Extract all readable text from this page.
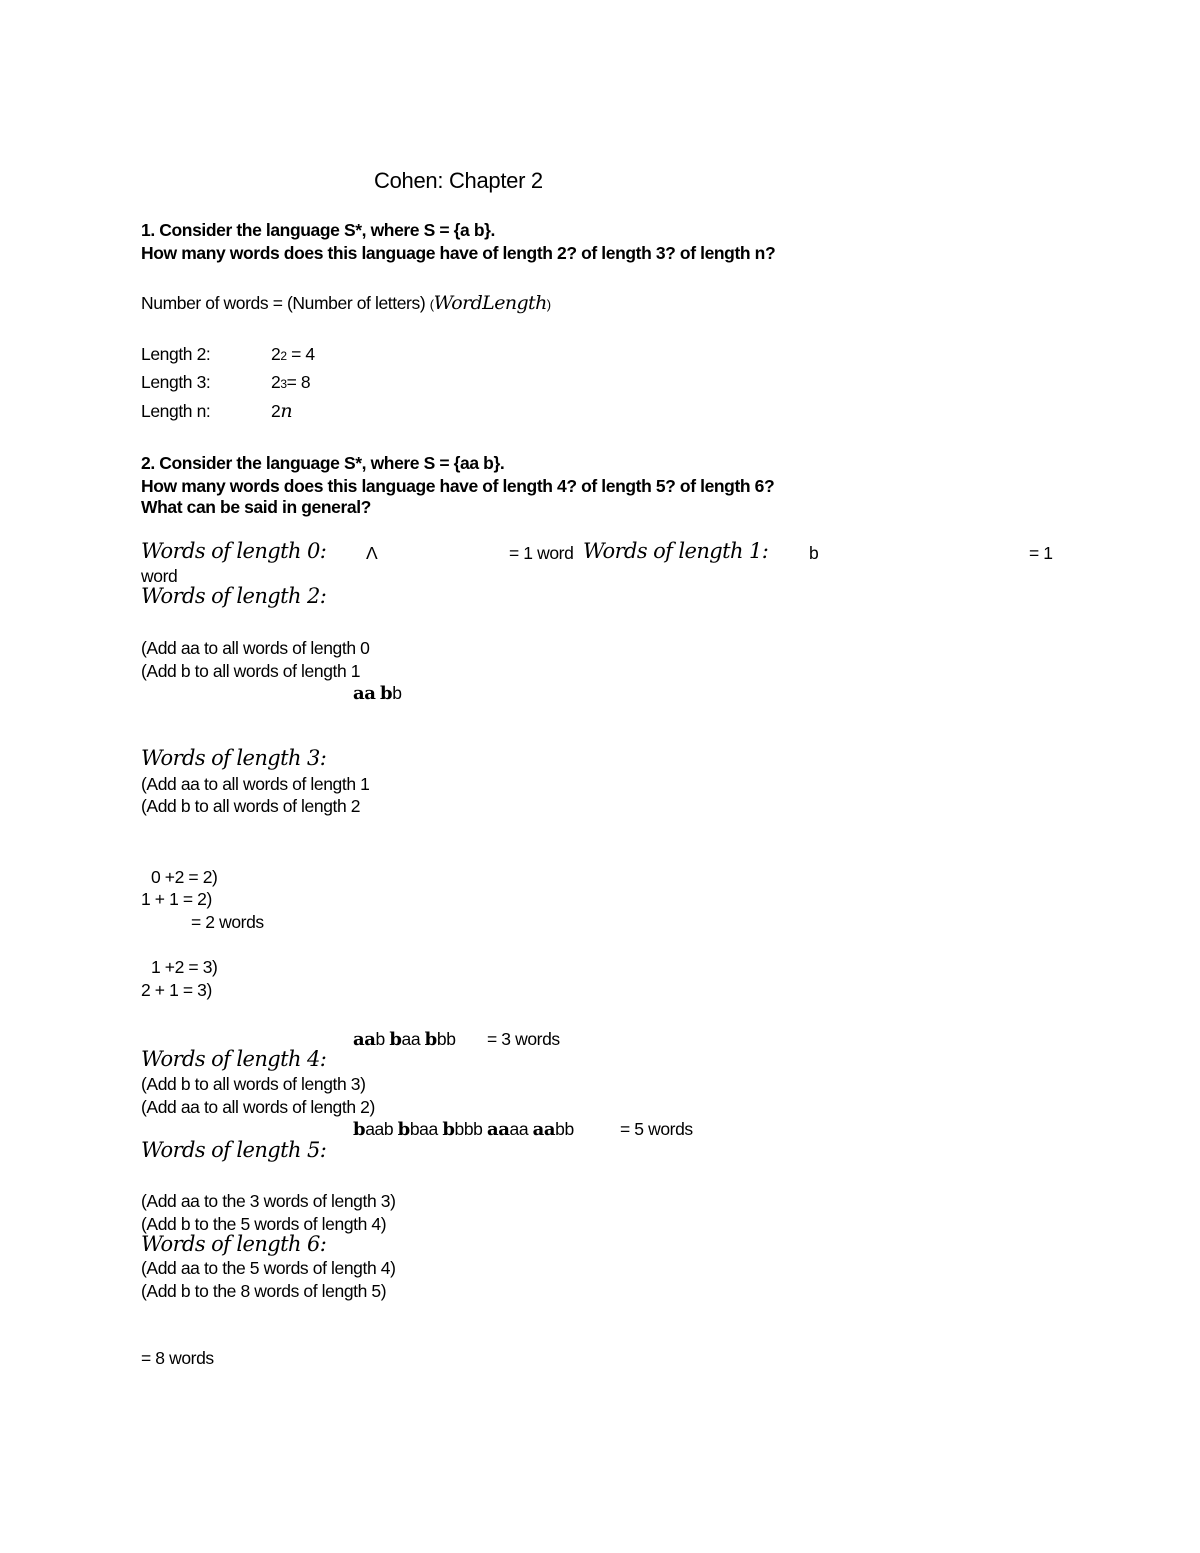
Cohen: Chapter 2
1. Consider the language S*, where S = {a b}.
How many words does this language have of length 2? of length 3? of length n?
Number of words = (Number of letters) (WordLength)
Length 2:	22 = 4
Length 3:	23= 8
Length n:	2n
2. Consider the language S*, where S = {aa b}.
How many words does this language have of length 4? of length 5? of length 6?
What can be said in general?
Words of length 0: Λ	= 1 word Words of length 1: b	= 1
word
Words of length 2:
(Add aa to all words of length 0
(Add b to all words of length 1
aa bb
Words of length 3:
(Add aa to all words of length 1
(Add b to all words of length 2
0 +2 = 2)
1 + 1 = 2)
= 2 words
1 +2 = 3)
2 + 1 = 3)
aab baa bbb = 3 words
Words of length 4:
(Add b to all words of length 3)
(Add aa to all words of length 2)
baab bbaa bbbb aaaa aabb	= 5 words
Words of length 5:
(Add aa to the 3 words of length 3)
(Add b to the 5 words of length 4)
Words of length 6:
(Add aa to the 5 words of length 4)
(Add b to the 8 words of length 5)
= 8 words
